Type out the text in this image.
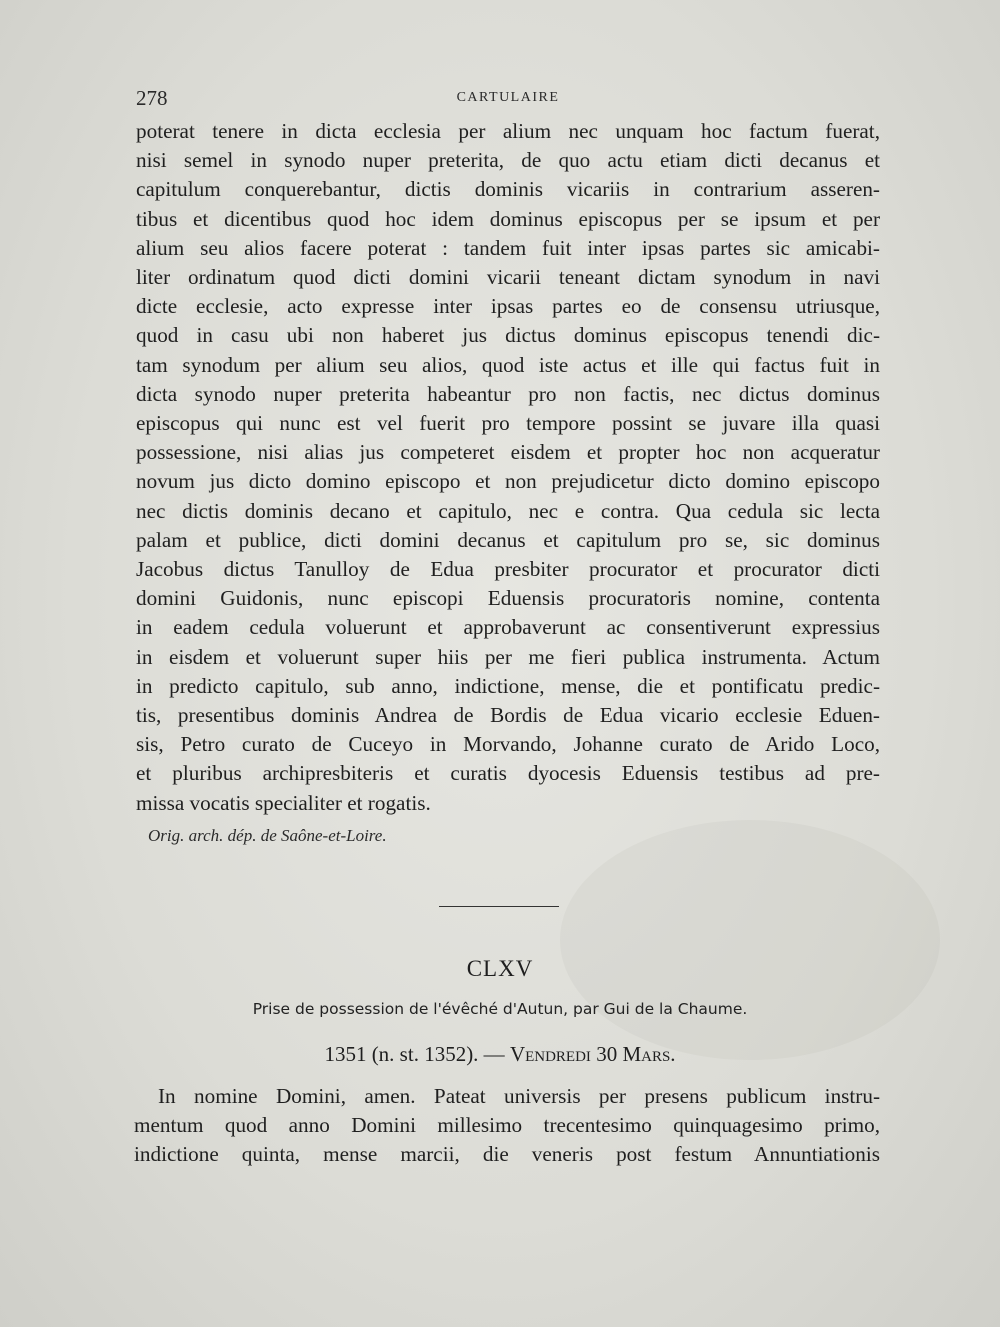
278	CARTULAIRE
poterat tenere in dicta ecclesia per alium nec unquam hoc factum fuerat,
nisi semel in synodo nuper preterita, de quo actu etiam dicti decanus et
capitulum conquerebantur, dictis dominis vicariis in contrarium asseren-
tibus et dicentibus quod hoc idem dominus episcopus per se ipsum et per
alium seu alios facere poterat : tandem fuit inter ipsas partes sic amicabi-
liter ordinatum quod dicti domini vicarii teneant dictam synodum in navi
dicte ecclesie, acto expresse inter ipsas partes eo de consensu utriusque,
quod in casu ubi non haberet jus dictus dominus episcopus tenendi dic-
tam synodum per alium seu alios, quod iste actus et ille qui factus fuit in
dicta synodo nuper preterita habeantur pro non factis, nec dictus dominus
episcopus qui nunc est vel fuerit pro tempore possint se juvare illa quasi
possessione, nisi alias jus competeret eisdem et propter hoc non acqueratur
novum jus dicto domino episcopo et non prejudicetur dicto domino episcopo
nec dictis dominis decano et capitulo, nec e contra. Qua cedula sic lecta
palam et publice, dicti domini decanus et capitulum pro se, sic dominus
Jacobus dictus Tanulloy de Edua presbiter procurator et procurator dicti
domini Guidonis, nunc episcopi Eduensis procuratoris nomine, contenta
in eadem cedula voluerunt et approbaverunt ac consentiverunt expressius
in eisdem et voluerunt super hiis per me fieri publica instrumenta. Actum
in predicto capitulo, sub anno, indictione, mense, die et pontificatu predic-
tis, presentibus dominis Andrea de Bordis de Edua vicario ecclesie Eduen-
sis, Petro curato de Cuceyo in Morvando, Johanne curato de Arido Loco,
et pluribus archipresbiteris et curatis dyocesis Eduensis testibus ad pre-
missa vocatis specialiter et rogatis.
Orig. arch. dép. de Saône-et-Loire.
CLXV
Prise de possession de l'évêché d'Autun, par Gui de la Chaume.
1351 (n. st. 1352). — Vendredi 30 Mars.
In nomine Domini, amen. Pateat universis per presens publicum instru-
mentum quod anno Domini millesimo trecentesimo quinquagesimo primo,
indictione quinta, mense marcii, die veneris post festum Annuntiationis
